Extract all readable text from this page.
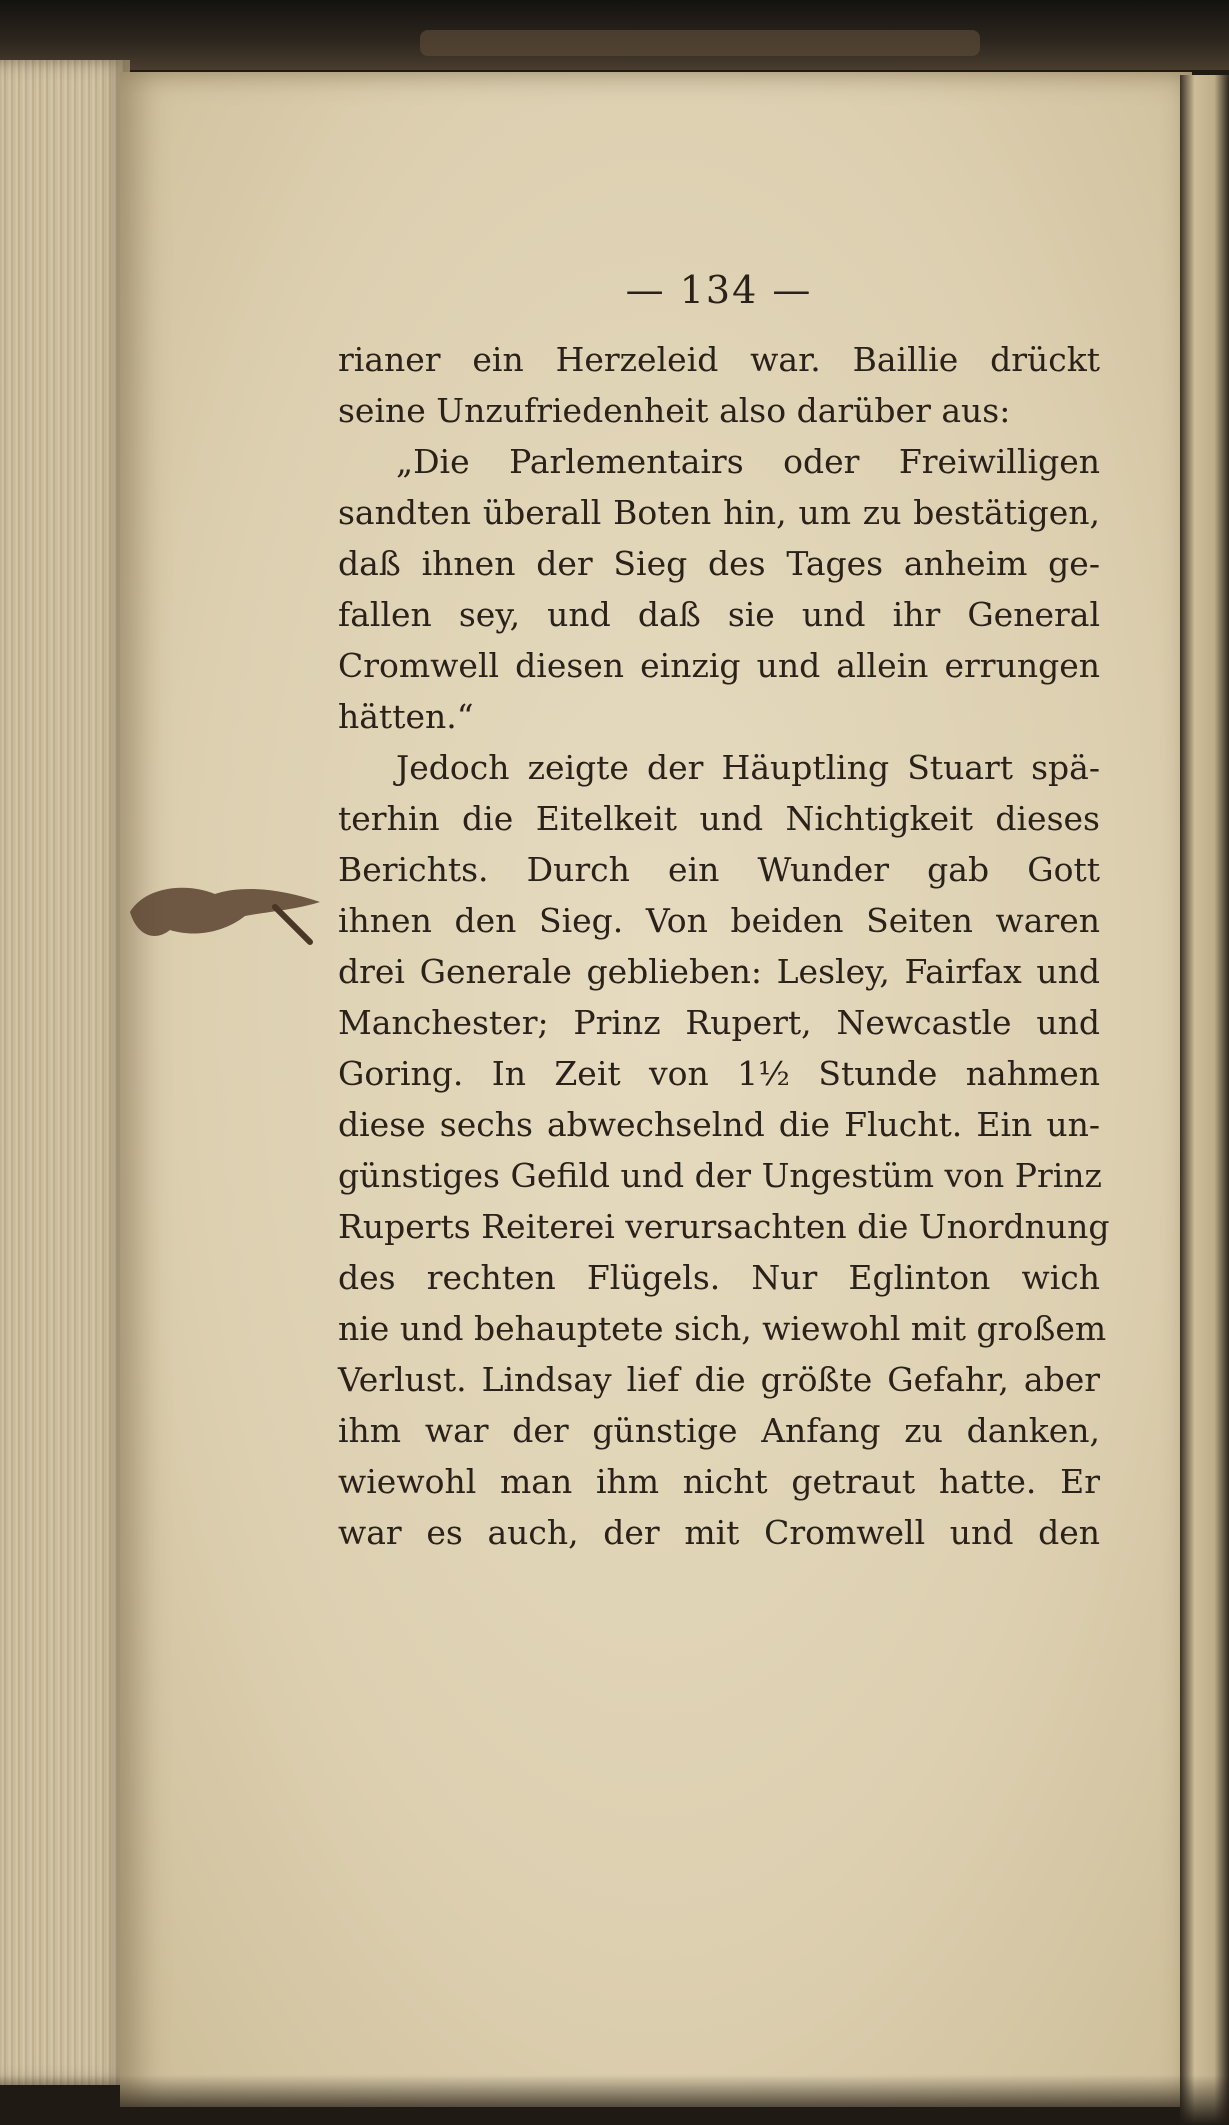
— 134 —
rianer ein Herzeleid war. Baillie drückt
seine Unzufriedenheit also darüber aus:
„Die Parlementairs oder Freiwilligen
sandten überall Boten hin, um zu bestätigen,
daß ihnen der Sieg des Tages anheim ge-
fallen sey, und daß sie und ihr General
Cromwell diesen einzig und allein errungen
hätten.“
Jedoch zeigte der Häuptling Stuart spä-
terhin die Eitelkeit und Nichtigkeit dieses
Berichts. Durch ein Wunder gab Gott
ihnen den Sieg. Von beiden Seiten waren
drei Generale geblieben: Lesley, Fairfax und
Manchester; Prinz Rupert, Newcastle und
Goring. In Zeit von 1½ Stunde nahmen
diese sechs abwechselnd die Flucht. Ein un-
günstiges Gefild und der Ungestüm von Prinz
Ruperts Reiterei verursachten die Unordnung
des rechten Flügels. Nur Eglinton wich
nie und behauptete sich, wiewohl mit großem
Verlust. Lindsay lief die größte Gefahr, aber
ihm war der günstige Anfang zu danken,
wiewohl man ihm nicht getraut hatte. Er
war es auch, der mit Cromwell und den
